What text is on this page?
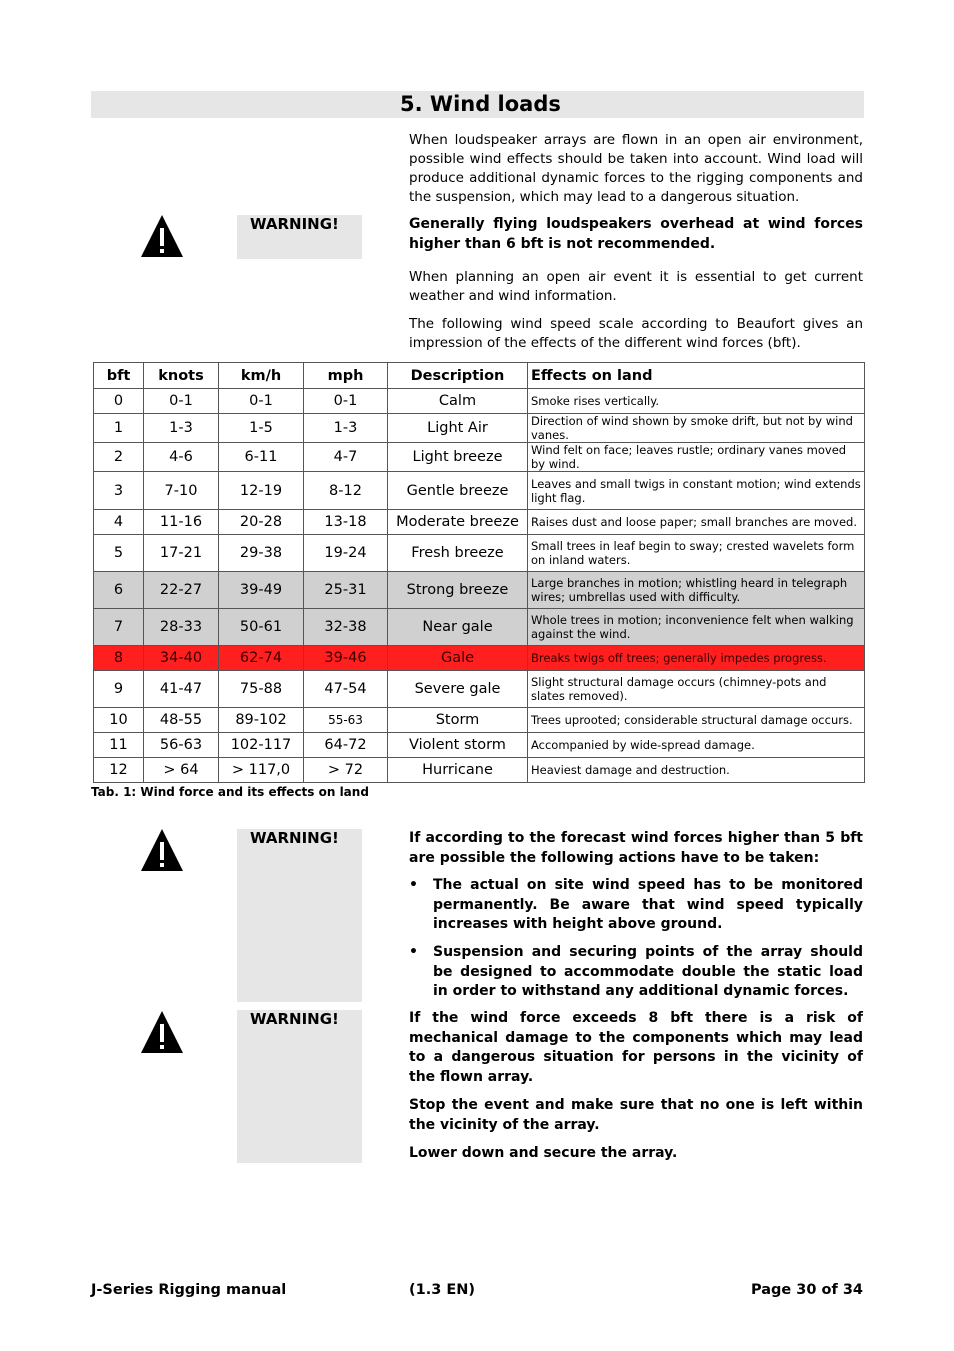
5. Wind loads

When loudspeaker arrays are flown in an open air environment, possible wind effects should be taken into account. Wind load will produce additional dynamic forces to the rigging components and the suspension, which may lead to a dangerous situation.

WARNING!	Generally flying loudspeakers overhead at wind forces higher than 6 bft is not recommended.

When planning an open air event it is essential to get current weather and wind information.

The following wind speed scale according to Beaufort gives an impression of the effects of the different wind forces (bft).

bft	knots	km/h	mph	Description	Effects on land
0	0-1	0-1	0-1	Calm	Smoke rises vertically.
1	1-3	1-5	1-3	Light Air	Direction of wind shown by smoke drift, but not by wind vanes.
2	4-6	6-11	4-7	Light breeze	Wind felt on face; leaves rustle; ordinary vanes moved by wind.
3	7-10	12-19	8-12	Gentle breeze	Leaves and small twigs in constant motion; wind extends light flag.
4	11-16	20-28	13-18	Moderate breeze	Raises dust and loose paper; small branches are moved.
5	17-21	29-38	19-24	Fresh breeze	Small trees in leaf begin to sway; crested wavelets form on inland waters.
6	22-27	39-49	25-31	Strong breeze	Large branches in motion; whistling heard in telegraph wires; umbrellas used with difficulty.
7	28-33	50-61	32-38	Near gale	Whole trees in motion; inconvenience felt when walking against the wind.
8	34-40	62-74	39-46	Gale	Breaks twigs off trees; generally impedes progress.
9	41-47	75-88	47-54	Severe gale	Slight structural damage occurs (chimney-pots and slates removed).
10	48-55	89-102	55-63	Storm	Trees uprooted; considerable structural damage occurs.
11	56-63	102-117	64-72	Violent storm	Accompanied by wide-spread damage.
12	> 64	> 117,0	> 72	Hurricane	Heaviest damage and destruction.

Tab. 1: Wind force and its effects on land

WARNING!	If according to the forecast wind forces higher than 5 bft are possible the following actions have to be taken:

• The actual on site wind speed has to be monitored permanently. Be aware that wind speed typically increases with height above ground.

• Suspension and securing points of the array should be designed to accommodate double the static load in order to withstand any additional dynamic forces.

WARNING!	If the wind force exceeds 8 bft there is a risk of mechanical damage to the components which may lead to a dangerous situation for persons in the vicinity of the flown array.

Stop the event and make sure that no one is left within the vicinity of the array.

Lower down and secure the array.

J-Series Rigging manual	(1.3 EN)	Page 30 of 34
